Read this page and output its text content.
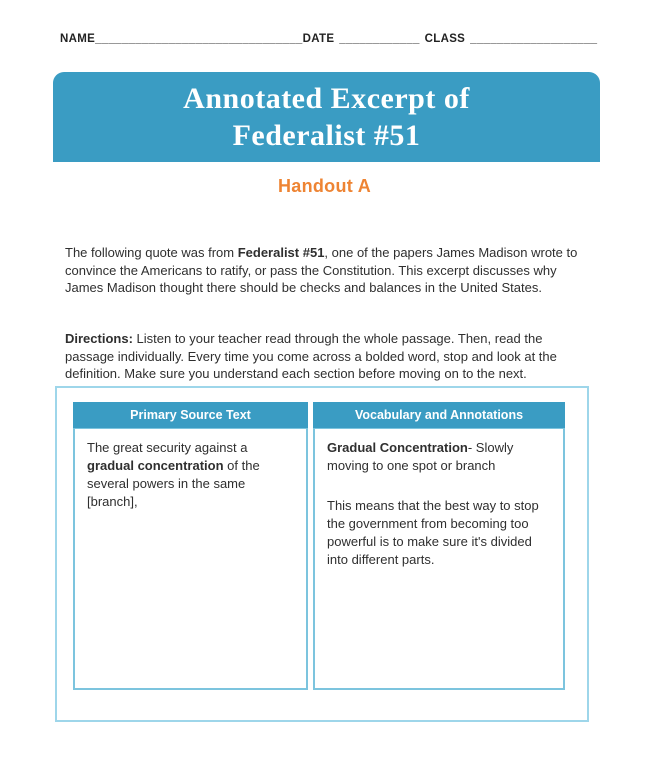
NAME_______________________________DATE ____________ CLASS ___________________
Annotated Excerpt of
Federalist #51
Handout A

The following quote was from Federalist #51, one of the papers James Madison wrote to convince the Americans to ratify, or pass the Constitution. This excerpt discusses why James Madison thought there should be checks and balances in the United States.

Directions: Listen to your teacher read through the whole passage. Then, read the passage individually. Every time you come across a bolded word, stop and look at the definition. Make sure you understand each section before moving on to the next.

Primary Source Text

The great security against a gradual concentration of the several powers in the same [branch],

Vocabulary and Annotations

Gradual Concentration- Slowly moving to one spot or branch

This means that the best way to stop the government from becoming too powerful is to make sure it's divided into different parts.
